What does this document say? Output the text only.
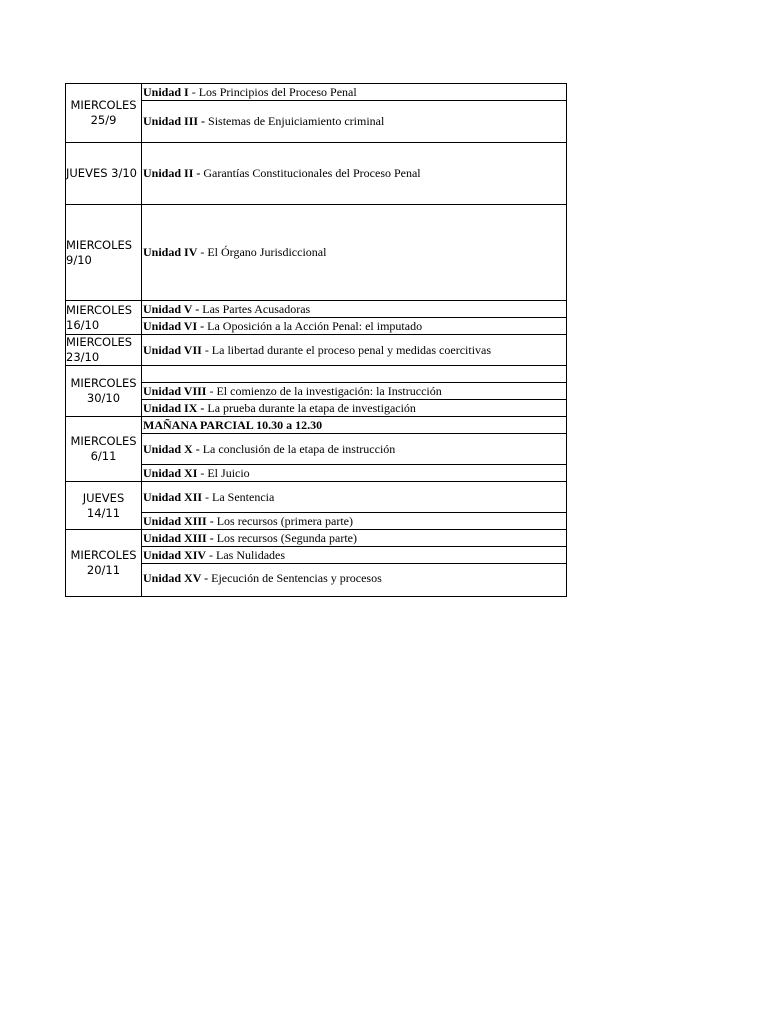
MIERCOLES
25/9	Unidad I - Los Principios del Proceso Penal
	Unidad III - Sistemas de Enjuiciamiento criminal
JUEVES 3/10	Unidad II - Garantías Constitucionales del Proceso Penal
MIERCOLES
9/10	Unidad IV - El Órgano Jurisdiccional
MIERCOLES
16/10	Unidad V - Las Partes Acusadoras
	Unidad VI - La Oposición a la Acción Penal: el imputado
MIERCOLES
23/10	Unidad VII - La libertad durante el proceso penal y medidas coercitivas
MIERCOLES
30/10	
	Unidad VIII - El comienzo de la investigación: la Instrucción
	Unidad IX - La prueba durante la etapa de investigación
MIERCOLES
6/11	MAÑANA PARCIAL 10.30 a 12.30
	Unidad X - La conclusión de la etapa de instrucción
	Unidad XI - El Juicio
JUEVES
14/11	Unidad XII - La Sentencia
	Unidad XIII - Los recursos (primera parte)
MIERCOLES
20/11	Unidad XIII - Los recursos (Segunda parte)
	Unidad XIV - Las Nulidades
	Unidad XV - Ejecución de Sentencias y procesos
